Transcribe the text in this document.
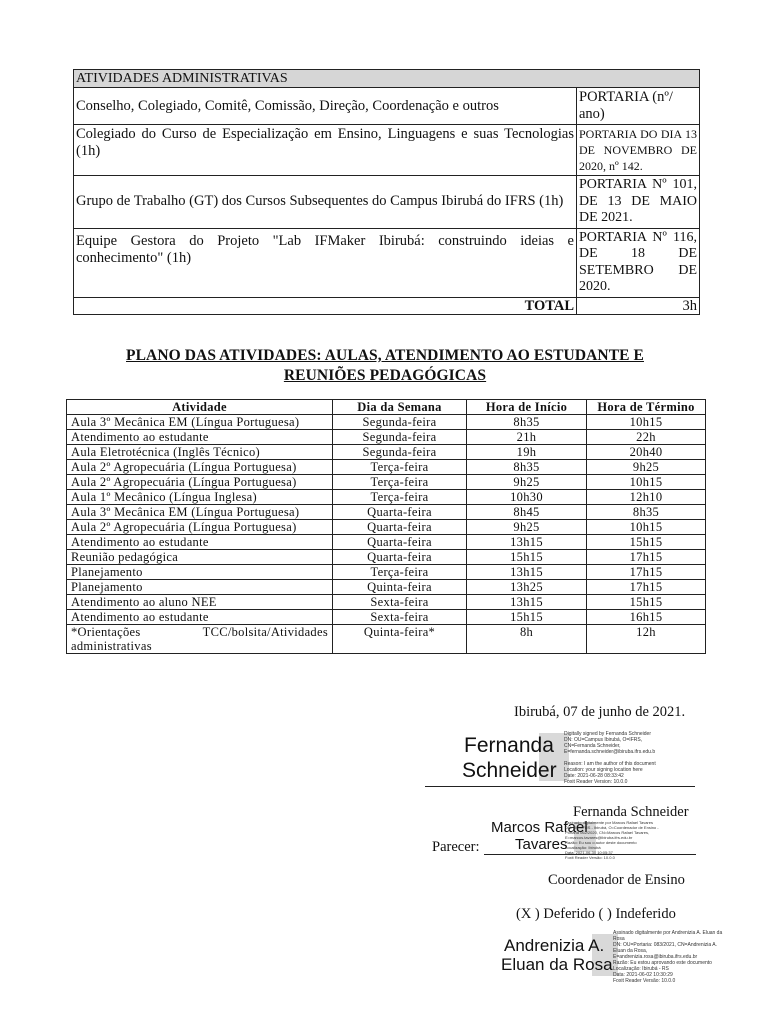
ATIVIDADES ADMINISTRATIVAS	
Conselho, Colegiado, Comitê, Comissão, Direção, Coordenação e outros	PORTARIA (nº/ ano)
Colegiado do Curso de Especialização em Ensino, Linguagens e suas Tecnologias (1h)	PORTARIA DO DIA 13 DE NOVEMBRO DE 2020, nº 142.
Grupo de Trabalho (GT) dos Cursos Subsequentes do Campus Ibirubá do IFRS (1h)	PORTARIA Nº 101, DE 13 DE MAIO DE 2021.
Equipe Gestora do Projeto "Lab IFMaker Ibirubá: construindo ideias e conhecimento" (1h)	PORTARIA Nº 116, DE 18 DE SETEMBRO DE 2020.
TOTAL	3h
PLANO DAS ATIVIDADES: AULAS, ATENDIMENTO AO ESTUDANTE E REUNIÕES PEDAGÓGICAS
Atividade	Dia da Semana	Hora de Início	Hora de Término
Aula 3º Mecânica EM (Língua Portuguesa)	Segunda-feira	8h35	10h15
Atendimento ao estudante	Segunda-feira	21h	22h
Aula Eletrotécnica (Inglês Técnico)	Segunda-feira	19h	20h40
Aula 2º Agropecuária (Língua Portuguesa)	Terça-feira	8h35	9h25
Aula 2º Agropecuária (Língua Portuguesa)	Terça-feira	9h25	10h15
Aula 1º Mecânico (Língua Inglesa)	Terça-feira	10h30	12h10
Aula 3º Mecânica EM (Língua Portuguesa)	Quarta-feira	8h45	8h35
Aula 2º Agropecuária (Língua Portuguesa)	Quarta-feira	9h25	10h15
Atendimento ao estudante	Quarta-feira	13h15	15h15
Reunião pedagógica	Quarta-feira	15h15	17h15
Planejamento	Terça-feira	13h15	17h15
Planejamento	Quinta-feira	13h25	17h15
Atendimento ao aluno NEE	Sexta-feira	13h15	15h15
Atendimento ao estudante	Sexta-feira	15h15	16h15

*Orientações TCC/bolsita/Atividades administrativas	Quinta-feira*	8h	12h
Ibirubá, 07 de junho de 2021.
Fernanda
Schneider
Digitally signed by Fernanda Schneider
DN: OU=Campus Ibirubá, O=IFRS,
CN=Fernanda Schneider,
E=fernanda.schneider@ibiruba.ifrs.edu.b

Reason: I am the author of this document
Location: your signing location here
Date: 2021-06-28 08:33:42
Foxit Reader Version: 10.0.0
Fernanda Schneider
Marcos Rafael
Tavares
Assinado digitalmente por Marcos Rafael Tavares
DN: OU=IFRS - Ibirubá, O=Coordenador de Ensino -
Portaria 062/2020, CN=Marcos Rafael Tavares,
E=marcos.tavares@ibiruba.ifrs.edu.br
Razão: Eu sou o autor deste documento
Localização: Ibirubá
Data: 2021-06-30 10:05:37
Foxit Reader Versão: 10.0.0
Parecer:
Coordenador de Ensino
(X ) Deferido ( ) Indeferido
Andrenizia A.
Eluan da Rosa
Assinado digitalmente por Andrenizia A. Eluan da
Rosa
DN: OU=Portaria: 083/2021, CN=Andrenizia A.
Eluan da Rosa,
E=andrenizia.rosa@ibiruba.ifrs.edu.br
Razão: Eu estou aprovando este documento
Localização: Ibirubá - RS
Data: 2021-06-02 10:30:29
Foxit Reader Versão: 10.0.0
